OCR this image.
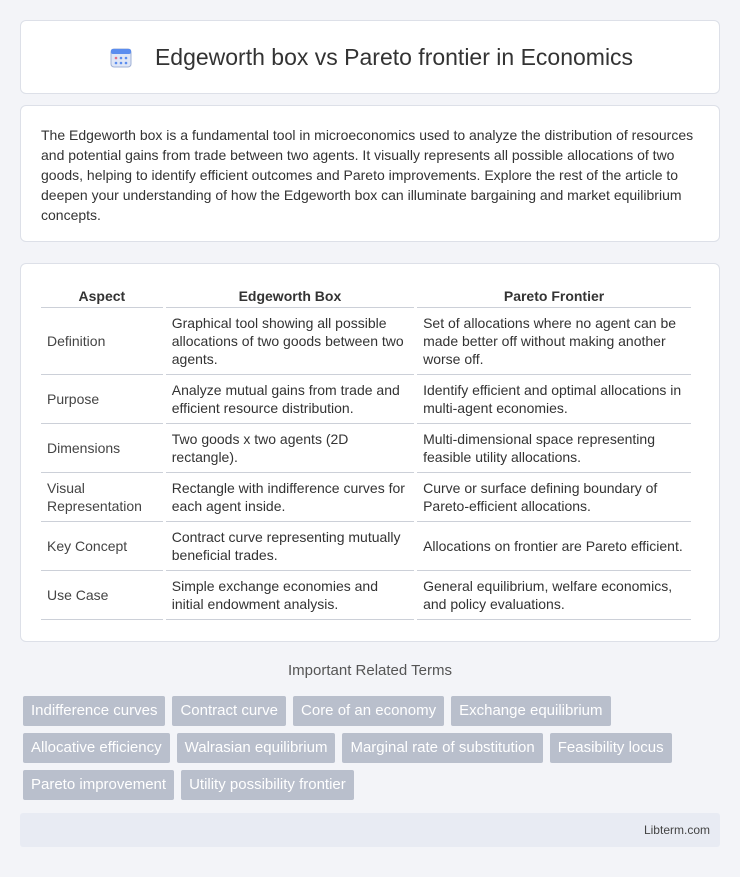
Edgeworth box vs Pareto frontier in Economics

The Edgeworth box is a fundamental tool in microeconomics used to analyze the distribution of resources and potential gains from trade between two agents. It visually represents all possible allocations of two goods, helping to identify efficient outcomes and Pareto improvements. Explore the rest of the article to deepen your understanding of how the Edgeworth box can illuminate bargaining and market equilibrium concepts.

Aspect	Edgeworth Box	Pareto Frontier
Definition	Graphical tool showing all possible allocations of two goods between two agents.	Set of allocations where no agent can be made better off without making another worse off.
Purpose	Analyze mutual gains from trade and efficient resource distribution.	Identify efficient and optimal allocations in multi-agent economies.
Dimensions	Two goods x two agents (2D rectangle).	Multi-dimensional space representing feasible utility allocations.
Visual Representation	Rectangle with indifference curves for each agent inside.	Curve or surface defining boundary of Pareto-efficient allocations.
Key Concept	Contract curve representing mutually beneficial trades.	Allocations on frontier are Pareto efficient.
Use Case	Simple exchange economies and initial endowment analysis.	General equilibrium, welfare economics, and policy evaluations.
Important Related Terms
Indifference curves	Contract curve	Core of an economy	Exchange equilibrium
Allocative efficiency	Walrasian equilibrium	Marginal rate of substitution	Feasibility locus
Pareto improvement	Utility possibility frontier
Libterm.com
